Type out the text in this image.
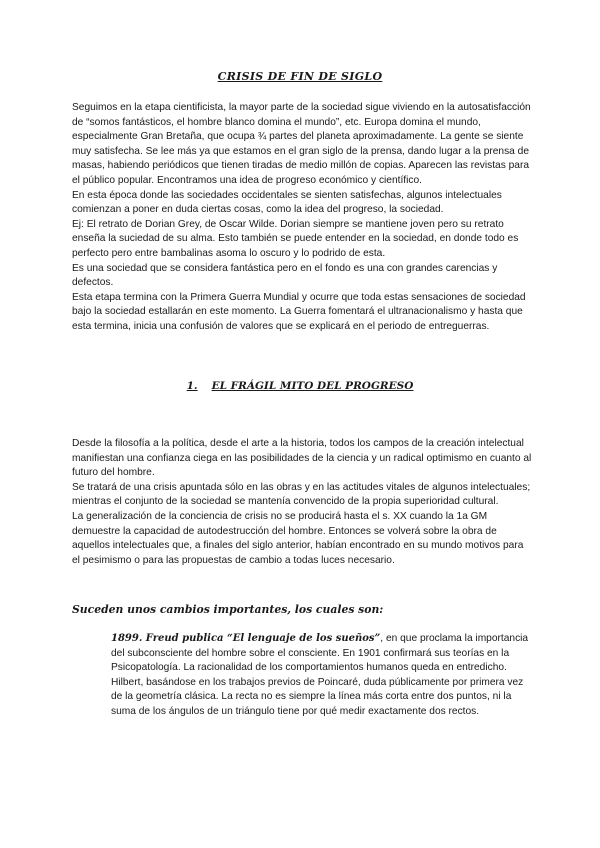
CRISIS DE FIN DE SIGLO

Seguimos en la etapa cientificista, la mayor parte de la sociedad sigue viviendo en la autosatisfacción de “somos fantásticos, el hombre blanco domina el mundo”, etc. Europa domina el mundo, especialmente Gran Bretaña, que ocupa ¾ partes del planeta aproximadamente. La gente se siente muy satisfecha. Se lee más ya que estamos en el gran siglo de la prensa, dando lugar a la prensa de masas, habiendo periódicos que tienen tiradas de medio millón de copias. Aparecen las revistas para el público popular. Encontramos una idea de progreso económico y científico.

En esta época donde las sociedades occidentales se sienten satisfechas, algunos intelectuales comienzan a poner en duda ciertas cosas, como la idea del progreso, la sociedad.

Ej: El retrato de Dorian Grey, de Oscar Wilde. Dorian siempre se mantiene joven pero su retrato enseña la suciedad de su alma. Esto también se puede entender en la sociedad, en donde todo es perfecto pero entre bambalinas asoma lo oscuro y lo podrido de esta.

Es una sociedad que se considera fantástica pero en el fondo es una con grandes carencias y defectos.

Esta etapa termina con la Primera Guerra Mundial y ocurre que toda estas sensaciones de sociedad bajo la sociedad estallarán en este momento. La Guerra fomentará el ultranacionalismo y hasta que esta termina, inicia una confusión de valores que se explicará en el periodo de entreguerras.

1. EL FRÁGIL MITO DEL PROGRESO

Desde la filosofía a la política, desde el arte a la historia, todos los campos de la creación intelectual manifiestan una confianza ciega en las posibilidades de la ciencia y un radical optimismo en cuanto al futuro del hombre.

Se tratará de una crisis apuntada sólo en las obras y en las actitudes vitales de algunos intelectuales; mientras el conjunto de la sociedad se mantenía convencido de la propia superioridad cultural.

La generalización de la conciencia de crisis no se producirá hasta el s. XX cuando la 1a GM demuestre la capacidad de autodestrucción del hombre. Entonces se volverá sobre la obra de aquellos intelectuales que, a finales del siglo anterior, habían encontrado en su mundo motivos para el pesimismo o para las propuestas de cambio a todas luces necesario.

Suceden unos cambios importantes, los cuales son:

1899. Freud publica “El lenguaje de los sueños”, en que proclama la importancia del subconsciente del hombre sobre el consciente. En 1901 confirmará sus teorías en la Psicopatología. La racionalidad de los comportamientos humanos queda en entredicho.

Hilbert, basándose en los trabajos previos de Poincaré, duda públicamente por primera vez de la geometría clásica. La recta no es siempre la línea más corta entre dos puntos, ni la suma de los ángulos de un triángulo tiene por qué medir exactamente dos rectos.
